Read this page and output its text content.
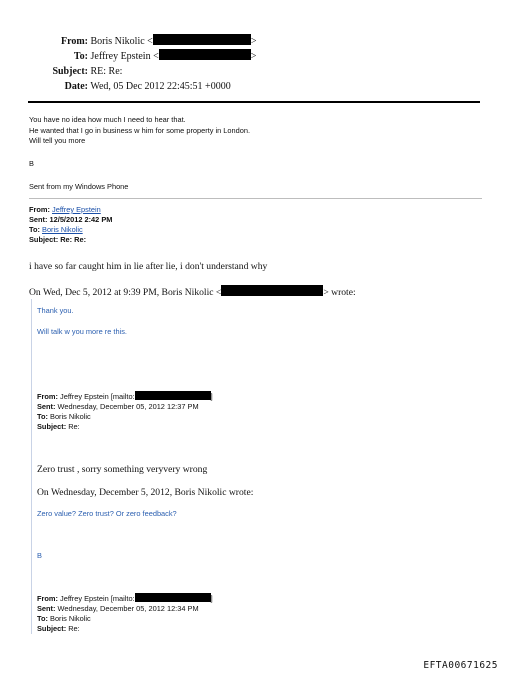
From: Boris Nikolic <	>
To: Jeffrey Epstein <	>
Subject: RE: Re:
Date: Wed, 05 Dec 2012 22:45:51 +0000
You have no idea how much I need to hear that.
He wanted that I go in business w him for some property in London.
Will tell you more
B
Sent from my Windows Phone
From: Jeffrey Epstein
Sent: 12/5/2012 2:42 PM
To: Boris Nikolic
Subject: Re: Re:
i have so far caught him in lie after lie, i don't understand why
On Wed, Dec 5, 2012 at 9:39 PM, Boris Nikolic <	> wrote:
Thank you.
Will talk w you more re this.
From: Jeffrey Epstein [mailto:	]
Sent: Wednesday, December 05, 2012 12:37 PM
To: Boris Nikolic
Subject: Re:
Zero trust , sorry something veryvery wrong
On Wednesday, December 5, 2012, Boris Nikolic wrote:
Zero value? Zero trust? Or zero feedback?
B
From: Jeffrey Epstein [mailto:	]
Sent: Wednesday, December 05, 2012 12:34 PM
To: Boris Nikolic
Subject: Re:
EFTA00671625
